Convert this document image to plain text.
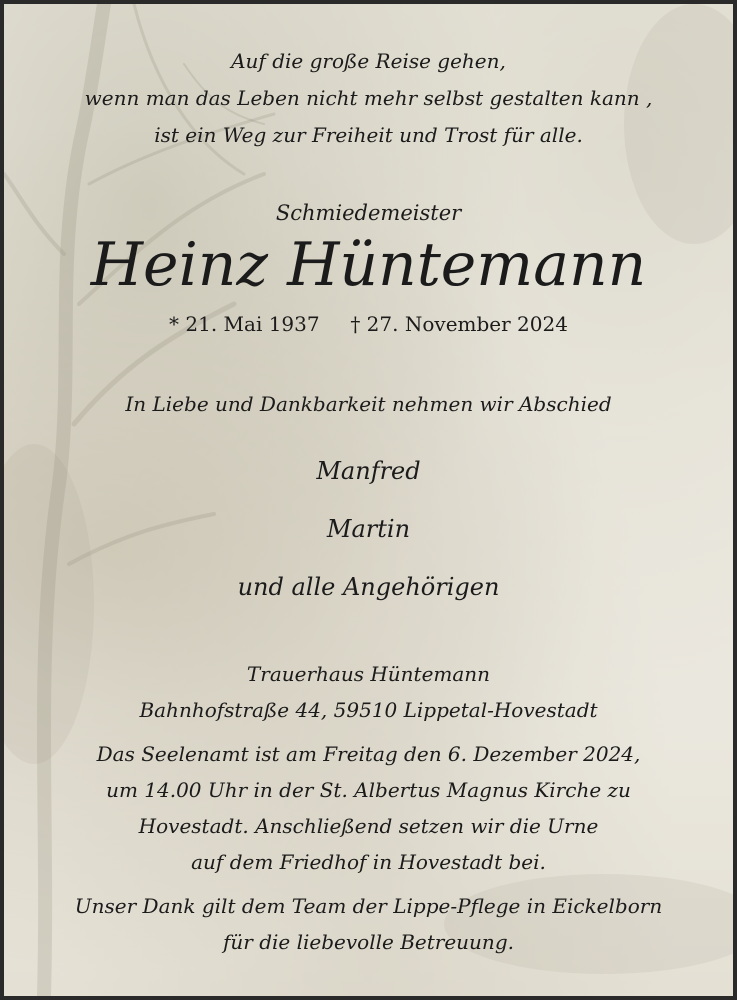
Auf die große Reise gehen,
wenn man das Leben nicht mehr selbst gestalten kann ,
ist ein Weg zur Freiheit und Trost für alle.
Schmiedemeister
Heinz Hüntemann
* 21. Mai 1937 † 27. November 2024
In Liebe und Dankbarkeit nehmen wir Abschied
Manfred
Martin
und alle Angehörigen
Trauerhaus Hüntemann
Bahnhofstraße 44, 59510 Lippetal-Hovestadt
Das Seelenamt ist am Freitag den 6. Dezember 2024,
um 14.00 Uhr in der St. Albertus Magnus Kirche zu
Hovestadt. Anschließend setzen wir die Urne
auf dem Friedhof in Hovestadt bei.
Unser Dank gilt dem Team der Lippe-Pflege in Eickelborn
für die liebevolle Betreuung.
